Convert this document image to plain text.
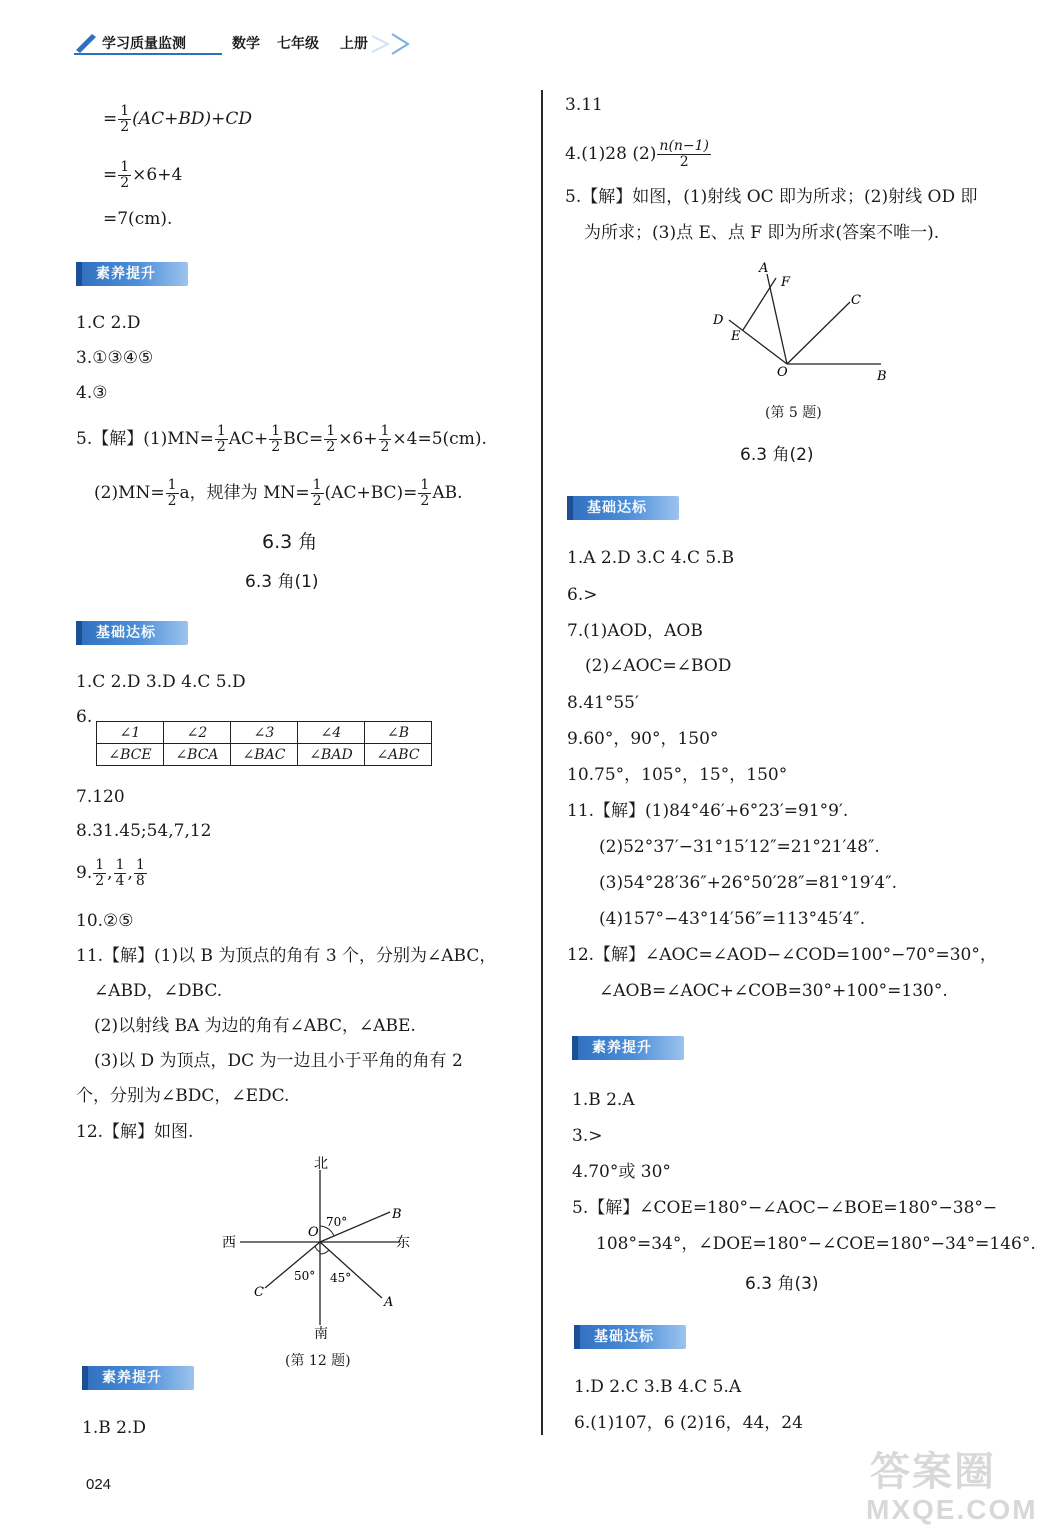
学习质量监测	数学 七年级 上册
= $\frac{1}{2} (AC+BD)+CD$
= $\frac{1}{2} \times 6+4$
=7(cm).
素养提升
1.C 2.D
3.①③④⑤
4.③
5.【解】$(1)MN= \frac{1}{2} AC+ \frac{1}{2} BC= \frac{1}{2} \times 6+ \frac{1}{2} \times 4=5(cm)$.
$(2)MN= \frac{1}{2}$ a，规律为 $MN= \frac{1}{2} (AC+BC)= \frac{1}{2}$ AB.
6.3 角
6.3 角(1)
基础达标
1.C 2.D 3.D 4.C 5.D
6.
∠1	∠2	∠3	∠4	∠B
∠BCE	∠BCA	∠BAC	∠BAD	∠ABC
7.120
8.31.45;54,7,12
9. $\frac{1}{2}$ , $\frac{1}{4}$ , $\frac{1}{8}$
10.②⑤
11.【解】(1)以 B 为顶点的角有 3 个，分别为∠ABC，
∠ABD，∠DBC.
(2)以射线 BA 为边的角有∠ABC，∠ABE.
(3)以 D 为顶点，DC 为一边且小于平角的角有 2
个，分别为∠BDC，∠EDC.
12.【解】如图.
北
南
西	东
O
B
A
C
70°
50° 45°
(第 12 题)
素养提升
1.B 2.D
024
3.11
4.(1)28 $(2) \frac{n(n-1)}{2}$
5.【解】如图，(1)射线 OC 即为所求；(2)射线 OD 即
为所求；(3)点 E、点 F 即为所求(答案不唯一).
A
F
C
D
E
O	B
(第 5 题)
6.3 角(2)
基础达标
1.A 2.D 3.C 4.C 5.B
6.>
7.(1)AOD，AOB
(2)∠AOC=∠BOD
8.41°55′
9.60°，90°，150°
10.75°，105°，15°，150°
11.【解】(1)84°46′+6°23′=91°9′.
(2)52°37′−31°15′12″=21°21′48″.
(3)54°28′36″+26°50′28″=81°19′4″.
(4)157°−43°14′56″=113°45′4″.
12.【解】∠AOC=∠AOD−∠COD=100°−70°=30°，
∠AOB=∠AOC+∠COB=30°+100°=130°.
素养提升
1.B 2.A
3.>
4.70°或 30°
5.【解】∠COE=180°−∠AOC−∠BOE=180°−38°−
108°=34°，∠DOE=180°−∠COE=180°−34°=146°.
6.3 角(3)
基础达标
1.D 2.C 3.B 4.C 5.A
6.(1)107，6 (2)16，44，24
答案圈
MXQE.COM
